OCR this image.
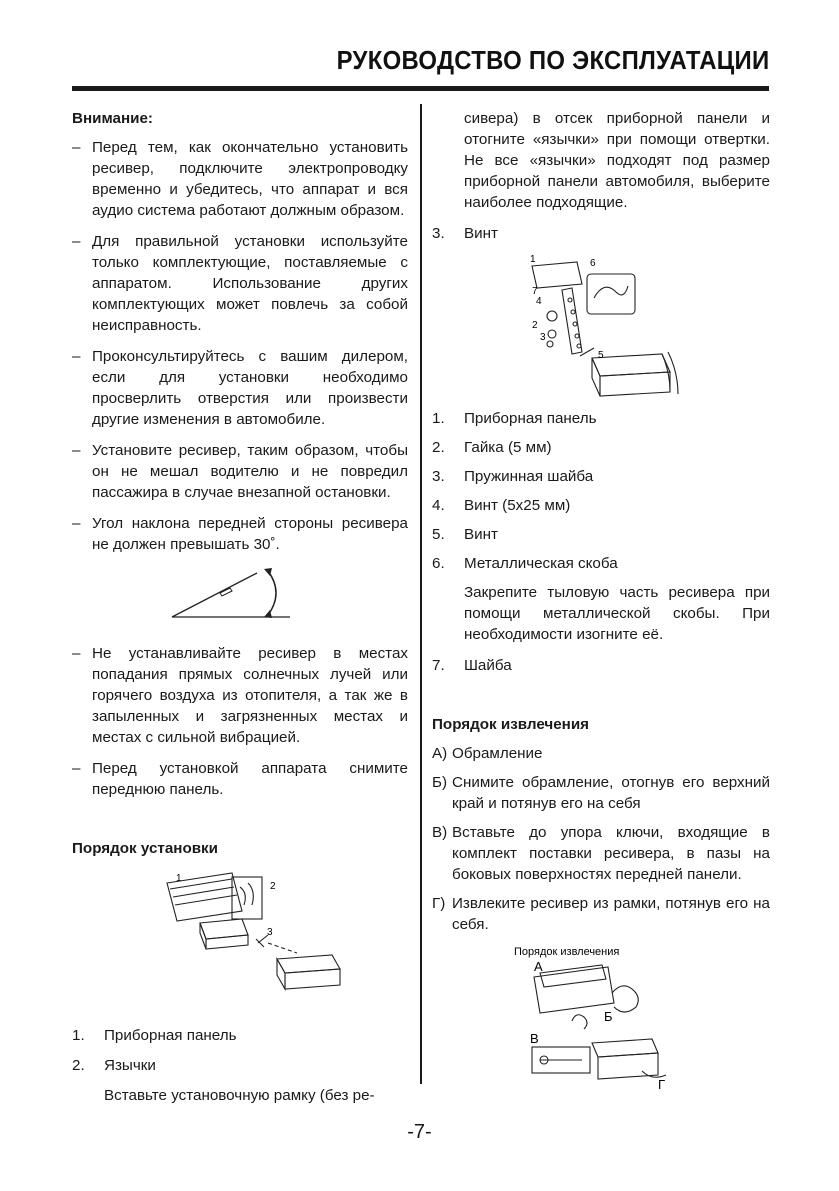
РУКОВОДСТВО ПО ЭКСПЛУАТАЦИИ

Внимание:

– Перед тем, как окончательно установить ресивер, подключите электропроводку временно и убедитесь, что аппарат и вся аудио система работают должным образом.
– Для правильной установки используйте только комплектующие, поставляемые с аппаратом. Использование других комплектующих может повлечь за собой неисправность.
– Проконсультируйтесь с вашим дилером, если для установки необходимо просверлить отверстия или произвести другие изменения в автомобиле.
– Установите ресивер, таким образом, чтобы он не мешал водителю и не повредил пассажира в случае внезапной остановки.
– Угол наклона передней стороны ресивера не должен превышать 30˚.
– Не устанавливайте ресивер в местах попадания прямых солнечных лучей или горячего воздуха из отопителя, а так же в запыленных и загрязненных местах и местах с сильной вибрацией.
– Перед установкой аппарата снимите переднюю панель.

Порядок установки

1
2
3
1. Приборная панель
2. Язычки

Вставьте установочную рамку (без ре-

сивера) в отсек приборной панели и отогните «язычки» при помощи отвертки. Не все «язычки» подходят под размер приборной панели автомобиля, выберите наиболее подходящие.

3. Винт
1
2
3
4
5
6
7
1. Приборная панель
2. Гайка (5 мм)
3. Пружинная шайба
4. Винт (5х25 мм)
5. Винт
6. Металлическая скоба

Закрепите тыловую часть ресивера при помощи металлической скобы. При необходимости изогните её.

7. Шайба

Порядок извлечения

А) Обрамление
Б) Снимите обрамление, отогнув его верхний край и потянув его на себя
В) Вставьте до упора ключи, входящие в комплект поставки ресивера, в пазы на боковых поверхностях передней панели.
Г) Извлеките ресивер из рамки, потянув его на себя.
Порядок извлечения
А
Б
В
Г
-7-
